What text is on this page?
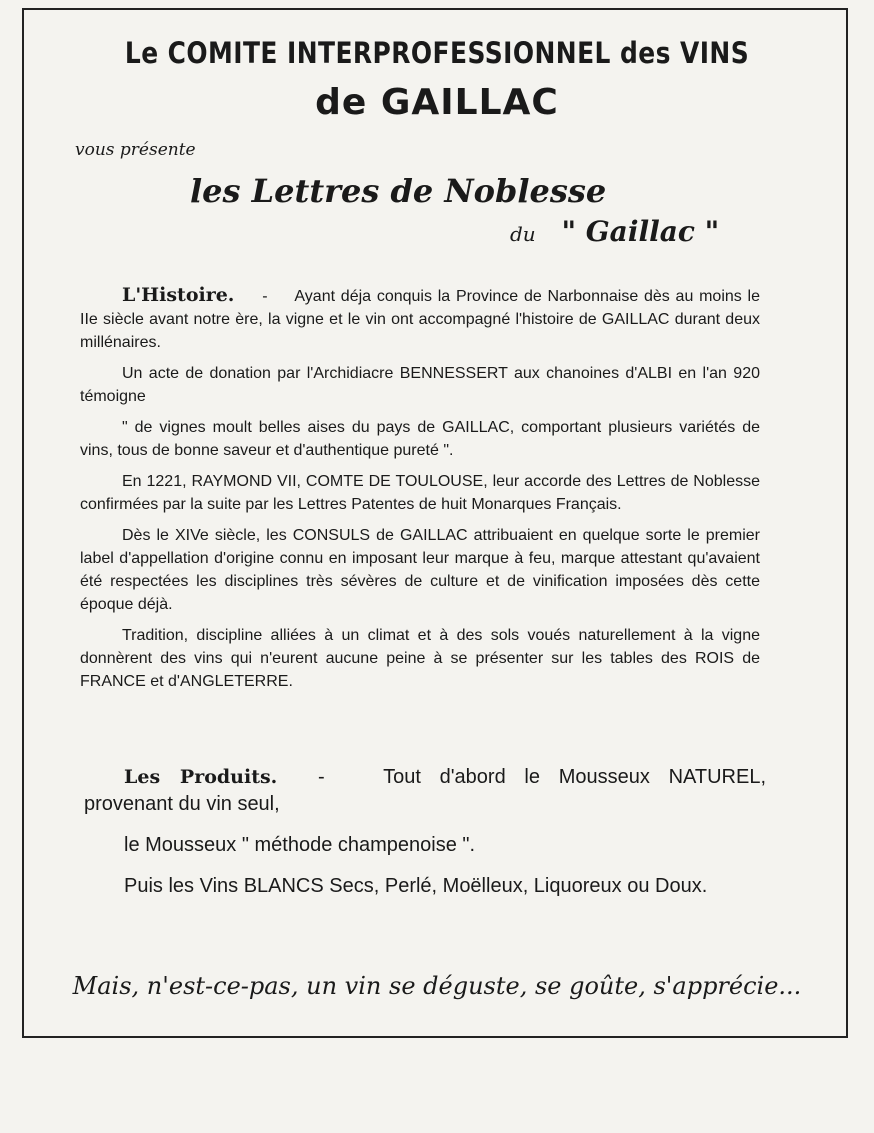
Le COMITE INTERPROFESSIONNEL des VINS
de GAILLAC
vous présente
les Lettres de Noblesse
du " Gaillac "

L'Histoire. - Ayant déja conquis la Province de Narbonnaise dès au moins le IIe siècle avant notre ère, la vigne et le vin ont accompagné l'histoire de GAILLAC durant deux millénaires.

Un acte de donation par l'Archidiacre BENNESSERT aux chanoines d'ALBI en l'an 920 témoigne

" de vignes moult belles aises du pays de GAILLAC, comportant plusieurs variétés de vins, tous de bonne saveur et d'authentique pureté ".

En 1221, RAYMOND VII, COMTE DE TOULOUSE, leur accorde des Lettres de Noblesse confirmées par la suite par les Lettres Patentes de huit Monarques Français.

Dès le XIVe siècle, les CONSULS de GAILLAC attribuaient en quelque sorte le premier label d'appellation d'origine connu en imposant leur marque à feu, marque attestant qu'avaient été respectées les disciplines très sévères de culture et de vinification imposées dès cette époque déjà.

Tradition, discipline alliées à un climat et à des sols voués naturellement à la vigne donnèrent des vins qui n'eurent aucune peine à se présenter sur les tables des ROIS de FRANCE et d'ANGLETERRE.

Les Produits. -	Tout d'abord le Mousseux NATUREL, provenant du vin seul,

le Mousseux " méthode champenoise ".

Puis les Vins BLANCS Secs, Perlé, Moëlleux, Liquoreux ou Doux.

Mais, n'est-ce-pas, un vin se déguste, se goûte, s'apprécie...
